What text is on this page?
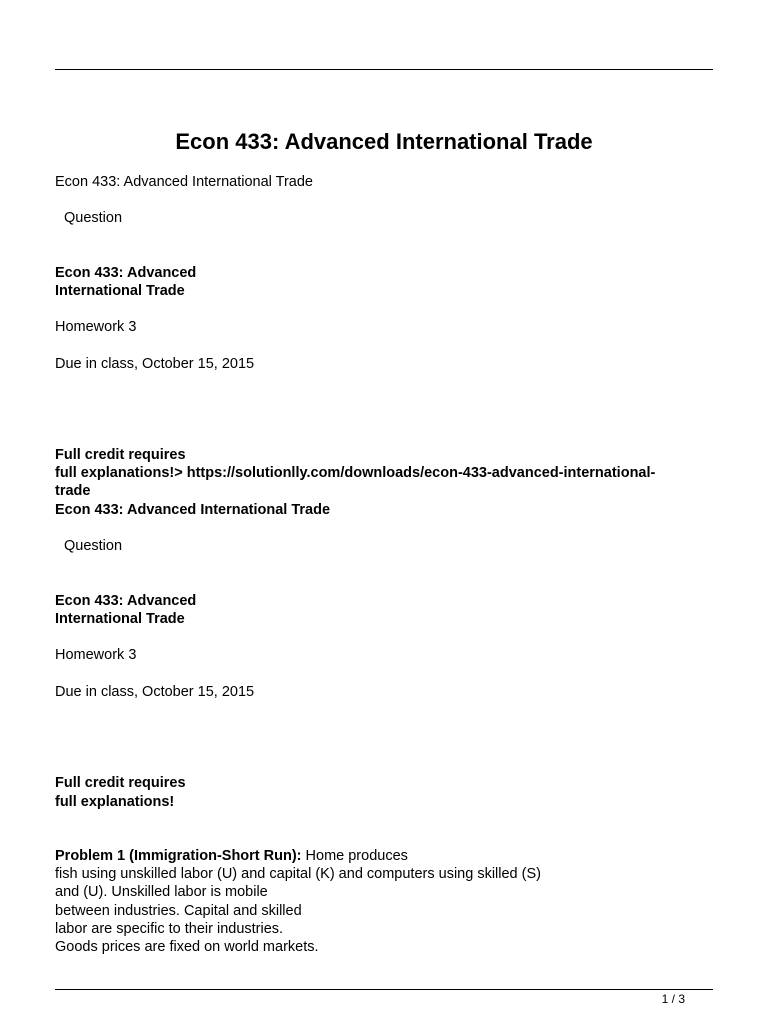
Econ 433: Advanced International Trade

Econ 433: Advanced International Trade

Question

Econ 433: Advanced

International Trade

Homework 3

Due in class, October 15, 2015

Full credit requires

full explanations!> https://solutionlly.com/downloads/econ-433-advanced-international-

trade

Econ 433: Advanced International Trade

Question

Econ 433: Advanced

International Trade

Homework 3

Due in class, October 15, 2015

Full credit requires

full explanations!

Problem 1 (Immigration-Short Run): Home produces

fish using unskilled labor (U) and capital (K) and computers using skilled (S)

and (U). Unskilled labor is mobile

between industries. Capital and skilled

labor are specific to their industries.

Goods prices are fixed on world markets.

1 / 3
